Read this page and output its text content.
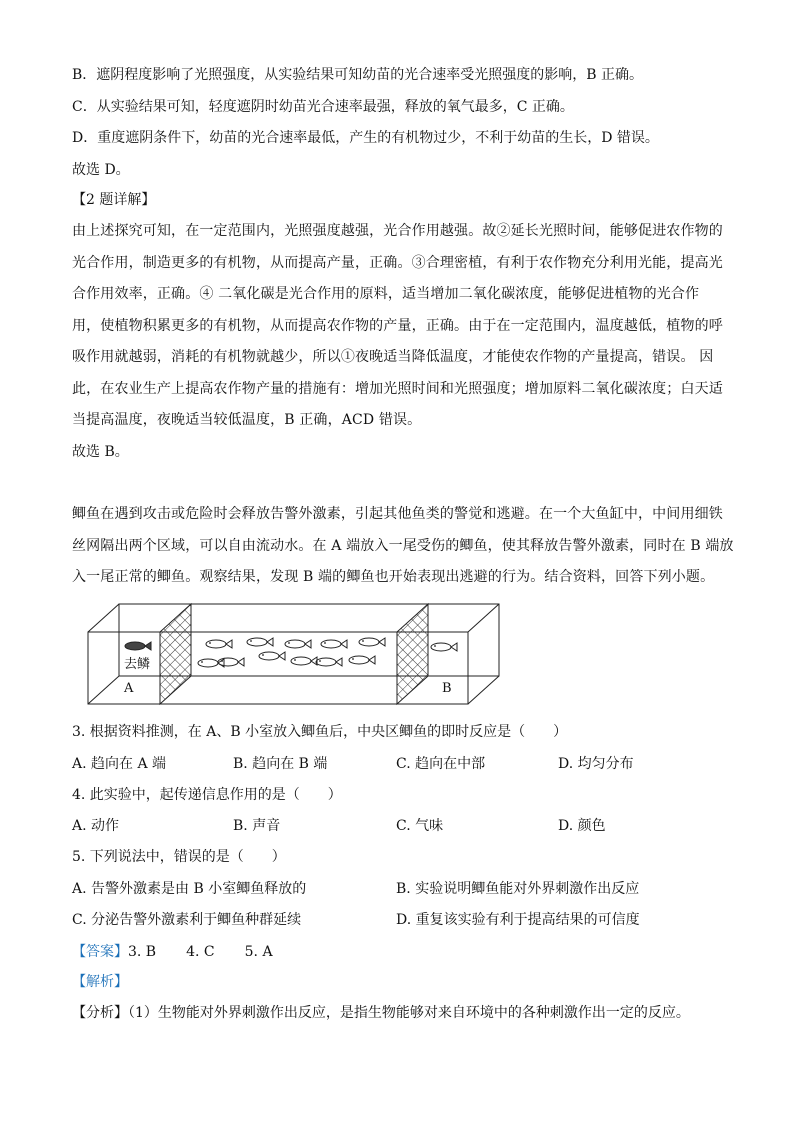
B．遮阴程度影响了光照强度，从实验结果可知幼苗的光合速率受光照强度的影响，B 正确。
C．从实验结果可知，轻度遮阴时幼苗光合速率最强，释放的氧气最多，C 正确。
D．重度遮阴条件下，幼苗的光合速率最低，产生的有机物过少，不利于幼苗的生长，D 错误。
故选 D。
【2 题详解】
由上述探究可知，在一定范围内，光照强度越强，光合作用越强。故②延长光照时间，能够促进农作物的
光合作用，制造更多的有机物，从而提高产量，正确。③合理密植，有利于农作物充分利用光能，提高光
合作用效率，正确。④ 二氧化碳是光合作用的原料，适当增加二氧化碳浓度，能够促进植物的光合作
用，使植物积累更多的有机物，从而提高农作物的产量，正确。由于在一定范围内，温度越低，植物的呼
吸作用就越弱，消耗的有机物就越少，所以①夜晚适当降低温度，才能使农作物的产量提高，错误。 因
此，在农业生产上提高农作物产量的措施有：增加光照时间和光照强度；增加原料二氧化碳浓度；白天适
当提高温度，夜晚适当较低温度，B 正确，ACD 错误。
故选 B。
鲫鱼在遇到攻击或危险时会释放告警外激素，引起其他鱼类的警觉和逃避。在一个大鱼缸中，中间用细铁
丝网隔出两个区域，可以自由流动水。在 A 端放入一尾受伤的鲫鱼，使其释放告警外激素，同时在 B 端放
入一尾正常的鲫鱼。观察结果，发现 B 端的鲫鱼也开始表现出逃避的行为。结合资料，回答下列小题。
去鳞
A	B
3. 根据资料推测，在 A、B 小室放入鲫鱼后，中央区鲫鱼的即时反应是（　　）
A. 趋向在 A 端	B. 趋向在 B 端	C. 趋向在中部	D. 均匀分布
4. 此实验中，起传递信息作用的是（　　）
A. 动作	B. 声音	C. 气味	D. 颜色
5. 下列说法中，错误的是（　　）
A. 告警外激素是由 B 小室鲫鱼释放的	B. 实验说明鲫鱼能对外界刺激作出反应
C. 分泌告警外激素利于鲫鱼种群延续	D. 重复该实验有利于提高结果的可信度
【答案】3. B 4. C 5. A
【解析】
【分析】（1）生物能对外界刺激作出反应，是指生物能够对来自环境中的各种刺激作出一定的反应。
